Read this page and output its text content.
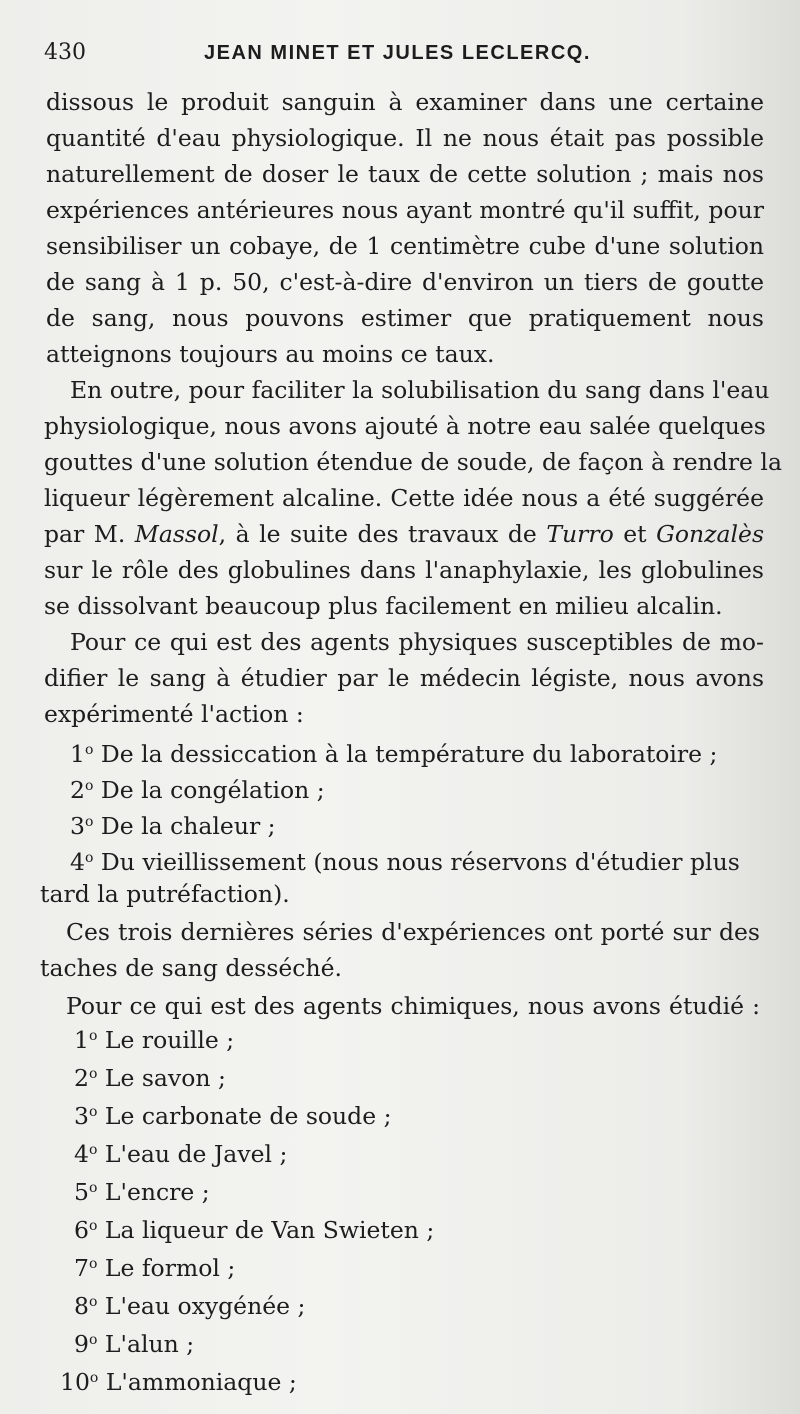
430	JEAN MINET ET JULES LECLERCQ.
dissous le produit sanguin à examiner dans une certaine
quantité d'eau physiologique. Il ne nous était pas possible
naturellement de doser le taux de cette solution ; mais nos
expériences antérieures nous ayant montré qu'il suffit, pour
sensibiliser un cobaye, de 1 centimètre cube d'une solution
de sang à 1 p. 50, c'est-à-dire d'environ un tiers de goutte
de sang, nous pouvons estimer que pratiquement nous
atteignons toujours au moins ce taux.
En outre, pour faciliter la solubilisation du sang dans l'eau
physiologique, nous avons ajouté à notre eau salée quelques
gouttes d'une solution étendue de soude, de façon à rendre la
liqueur légèrement alcaline. Cette idée nous a été suggérée
par M. Massol, à le suite des travaux de Turro et Gonzalès
sur le rôle des globulines dans l'anaphylaxie, les globulines
se dissolvant beaucoup plus facilement en milieu alcalin.
Pour ce qui est des agents physiques susceptibles de mo-
difier le sang à étudier par le médecin légiste, nous avons
expérimenté l'action :
1$^o$ De la dessiccation à la température du laboratoire ;
2$^o$ De la congélation ;
3$^o$ De la chaleur ;
4$^o$ Du vieillissement (nous nous réservons d'étudier plus
tard la putréfaction).
Ces trois dernières séries d'expériences ont porté sur des
taches de sang desséché.
Pour ce qui est des agents chimiques, nous avons étudié :
1$^o$ Le rouille ;
2$^o$ Le savon ;
3$^o$ Le carbonate de soude ;
4$^o$ L'eau de Javel ;
5$^o$ L'encre ;
6$^o$ La liqueur de Van Swieten ;
7$^o$ Le formol ;
8$^o$ L'eau oxygénée ;
9$^o$ L'alun ;
10$^o$ L'ammoniaque ;
